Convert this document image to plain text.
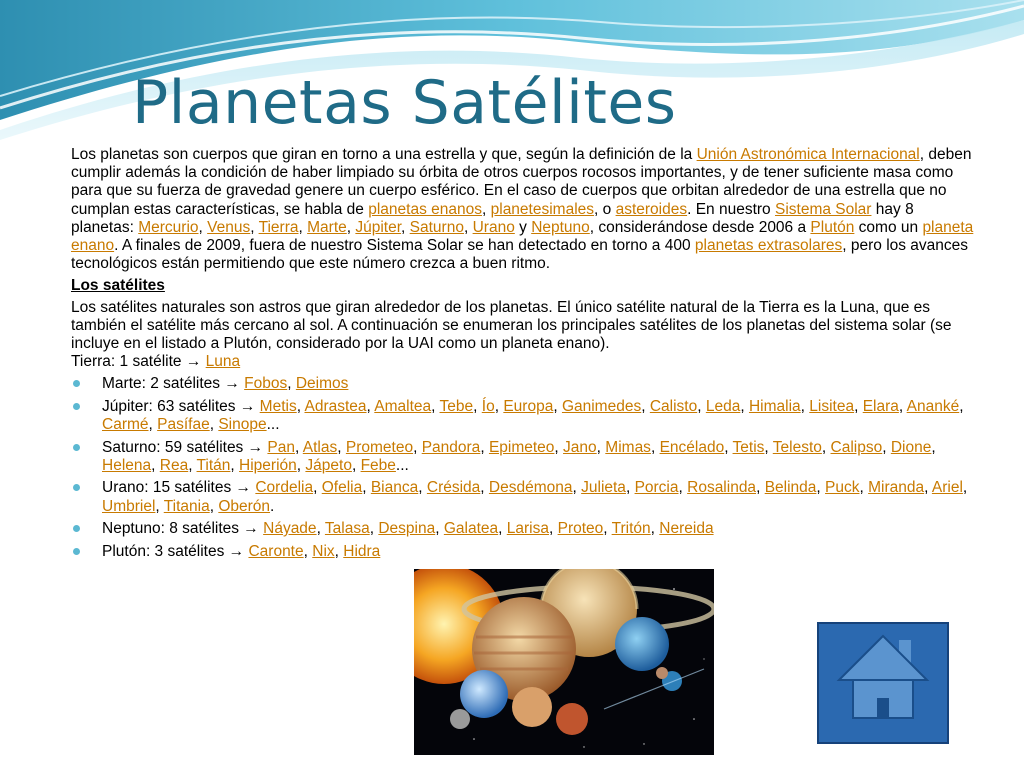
Planetas Satélites

Los planetas son cuerpos que giran en torno a una estrella y que, según la definición de la Unión Astronómica Internacional, deben cumplir además la condición de haber limpiado su órbita de otros cuerpos rocosos importantes, y de tener suficiente masa como para que su fuerza de gravedad genere un cuerpo esférico. En el caso de cuerpos que orbitan alrededor de una estrella que no cumplan estas características, se habla de planetas enanos, planetesimales, o asteroides. En nuestro Sistema Solar hay 8 planetas: Mercurio, Venus, Tierra, Marte, Júpiter, Saturno, Urano y Neptuno, considerándose desde 2006 a Plutón como un planeta enano. A finales de 2009, fuera de nuestro Sistema Solar se han detectado en torno a 400 planetas extrasolares, pero los avances tecnológicos están permitiendo que este número crezca a buen ritmo.

Los satélites

Los satélites naturales son astros que giran alrededor de los planetas. El único satélite natural de la Tierra es la Luna, que es también el satélite más cercano al sol. A continuación se enumeran los principales satélites de los planetas del sistema solar (se incluye en el listado a Plutón, considerado por la UAI como un planeta enano).
Tierra: 1 satélite → Luna

Marte: 2 satélites → Fobos, Deimos
Júpiter: 63 satélites → Metis, Adrastea, Amaltea, Tebe, Ío, Europa, Ganimedes, Calisto, Leda, Himalia, Lisitea, Elara, Ananké, Carmé, Pasífae, Sinope...
Saturno: 59 satélites → Pan, Atlas, Prometeo, Pandora, Epimeteo, Jano, Mimas, Encélado, Tetis, Telesto, Calipso, Dione, Helena, Rea, Titán, Hiperión, Jápeto, Febe...
Urano: 15 satélites → Cordelia, Ofelia, Bianca, Crésida, Desdémona, Julieta, Porcia, Rosalinda, Belinda, Puck, Miranda, Ariel, Umbriel, Titania, Oberón.
Neptuno: 8 satélites → Náyade, Talasa, Despina, Galatea, Larisa, Proteo, Tritón, Nereida
Plutón: 3 satélites → Caronte, Nix, Hidra
